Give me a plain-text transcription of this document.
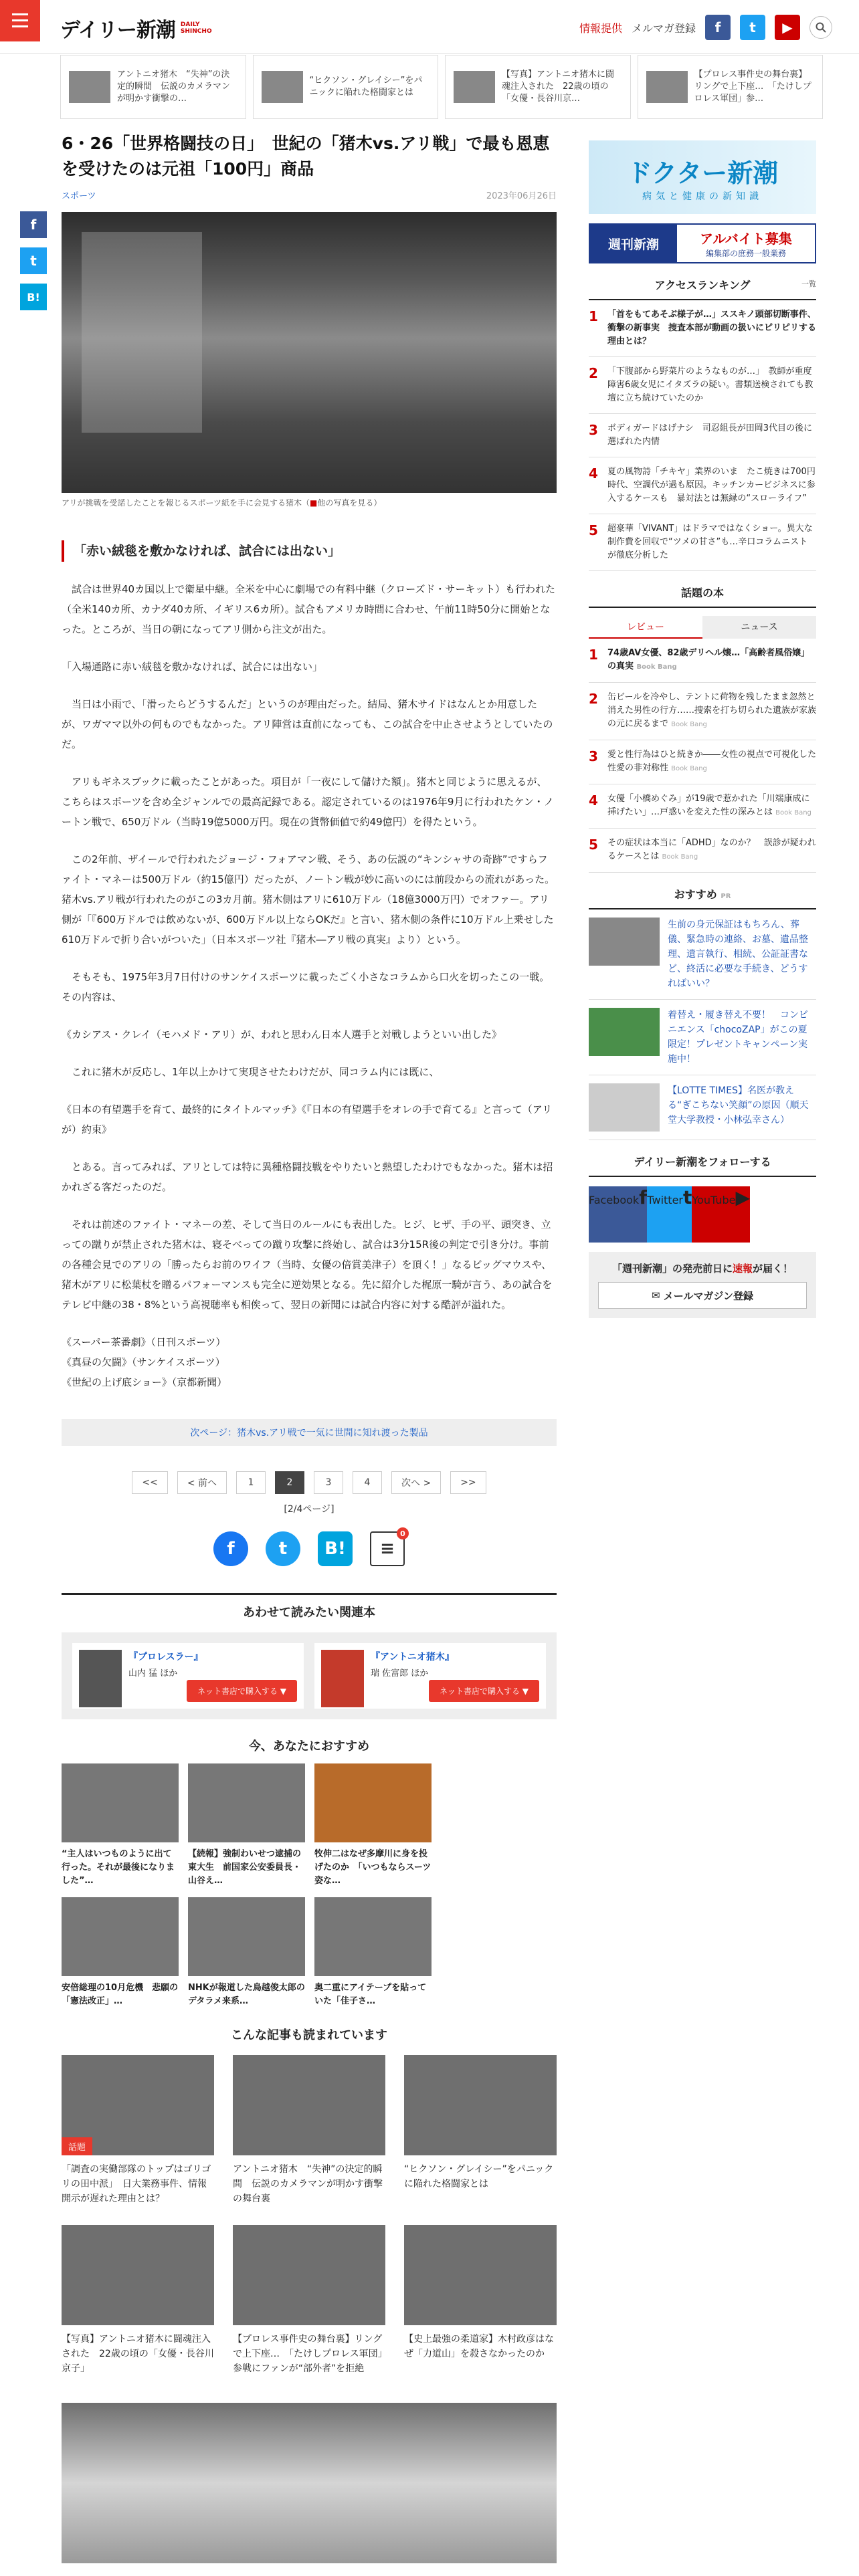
デイリー新潮 DAILY
SHINCHO	情報提供 メルマガ登録	f	t	▶
アントニオ猪木　“失神”の決定的瞬間　伝説のカメラマンが明かす衝撃の…
“ヒクソン・グレイシー”をパニックに陥れた格闘家とは
【写真】アントニオ猪木に闘魂注入された　22歳の頃の「女優・長谷川京…
【プロレス事件史の舞台裏】リングで上下座…　「たけしプロレス軍団」参…
f
t
B!
6・26「世界格闘技の日」　世紀の「猪木vs.アリ戦」で最も恩恵を受けたのは元祖「100円」商品
スポーツ	2023年06月26日
アリが挑戦を受諾したことを報じるスポーツ紙を手に会見する猪木（■他の写真を見る）
「赤い絨毯を敷かなければ、試合には出ない」

　試合は世界40カ国以上で衛星中継。全米を中心に劇場での有料中継（クローズド・サーキット）も行われた（全米140カ所、カナダ40カ所、イギリス6カ所）。試合もアメリカ時間に合わせ、午前11時50分に開始となった。ところが、当日の朝になってアリ側から注文が出た。

「入場通路に赤い絨毯を敷かなければ、試合には出ない」

　当日は小雨で、「滑ったらどうするんだ」というのが理由だった。結局、猪木サイドはなんとか用意したが、ワガママ以外の何ものでもなかった。アリ陣営は直前になっても、この試合を中止させようとしていたのだ。

　アリもギネスブックに載ったことがあった。項目が「一夜にして儲けた額」。猪木と同じように思えるが、こちらはスポーツを含め全ジャンルでの最高記録である。認定されているのは1976年9月に行われたケン・ノートン戦で、650万ドル（当時19億5000万円。現在の貨幣価値で約49億円）を得たという。

　この2年前、ザイールで行われたジョージ・フォアマン戦、そう、あの伝説の“キンシャサの奇跡”ですらファイト・マネーは500万ドル（約15億円）だったが、ノートン戦が妙に高いのには前段からの流れがあった。猪木vs.アリ戦が行われたのがこの3カ月前。猪木側はアリに610万ドル（18億3000万円）でオファー。アリ側が「『600万ドルでは飲めないが、600万ドル以上ならOKだ』と言い、猪木側の条件に10万ドル上乗せした610万ドルで折り合いがついた」（日本スポーツ社『猪木―アリ戦の真実』より）という。

　そもそも、1975年3月7日付けのサンケイスポーツに載ったごく小さなコラムから口火を切ったこの一戦。その内容は、

《カシアス・クレイ（モハメド・アリ）が、われと思わん日本人選手と対戦しようといい出した》

　これに猪木が反応し、1年以上かけて実現させたわけだが、同コラム内には既に、

《日本の有望選手を育て、最終的にタイトルマッチ》《『日本の有望選手をオレの手で育てる』と言って（アリが）約束》

　とある。言ってみれば、アリとしては特に異種格闘技戦をやりたいと熱望したわけでもなかった。猪木は招かれざる客だったのだ。

　それは前述のファイト・マネーの差、そして当日のルールにも表出した。ヒジ、ヒザ、手の平、頭突き、立っての蹴りが禁止された猪木は、寝そべっての蹴り攻撃に終始し、試合は3分15R後の判定で引き分け。事前の各種会見でのアリの「勝ったらお前のワイフ（当時、女優の倍賞美津子）を頂く！」なるビッグマウスや、猪木がアリに松葉杖を贈るパフォーマンスも完全に逆効果となる。先に紹介した梶原一騎が言う、あの試合をテレビ中継の38・8%という高視聴率も相俟って、翌日の新聞には試合内容に対する酷評が溢れた。

《スーパー茶番劇》（日刊スポーツ）
《真昼の欠闘》（サンケイスポーツ）
《世紀の上げ底ショー》（京都新聞）

次ページ：猪木vs.アリ戦で一気に世間に知れ渡った製品
<<	< 前へ	1	2	3	4	次へ >	>>
[2/4ページ]
f	t	B!	≡
0
あわせて読みたい関連本
『プロレスラー』
山内 猛 ほか
ネット書店で購入する ▼
『アントニオ猪木』
瑞 佐富郎 ほか
ネット書店で購入する ▼
今、あなたにおすすめ
“主人はいつものように出て行った。それが最後になりました”…
【続報】強制わいせつ逮捕の東大生　前国家公安委員長・山谷え…
牧伸二はなぜ多摩川に身を投げたのか　「いつもならスーツ姿な…
安倍総理の10月危機　悲願の「憲法改正」…
NHKが報道した鳥越俊太郎のデタラメ来系…
奥二重にアイテープを貼っていた「佳子さ…
こんな記事も読まれています
話題
「調査の実働部隊のトップはゴリゴリの田中派」　日大業務事件、情報開示が遅れた理由とは？
アントニオ猪木　“失神”の決定的瞬間　伝説のカメラマンが明かす衝撃の舞台裏
“ヒクソン・グレイシー”をパニックに陥れた格闘家とは
【写真】アントニオ猪木に闘魂注入された　22歳の頃の「女優・長谷川京子」
【プロレス事件史の舞台裏】リングで上下座…　「たけしプロレス軍団」参戦にファンが“部外者”を拒絶
【史上最強の柔道家】木村政彦はなぜ「力道山」を殺さなかったのか
ドクター新潮
病気と健康の新知識
週刊新潮	アルバイト募集
編集部の庶務一般業務
アクセスランキング	一覧
1 「首をもてあそぶ様子が…」ススキノ頭部切断事件、衝撃の新事実　捜査本部が動画の扱いにピリピリする理由とは？
2 「下腹部から野菜片のようなものが…」　教師が重度障害6歳女児にイタズラの疑い。書類送検されても教壇に立ち続けていたのか
3 ボディガードはげナシ　司忍組長が田岡3代目の後に選ばれた内情
4 夏の風物詩「チキヤ」業界のいま　たこ焼きは700円時代、空調代が過も原因。キッチンカービジネスに参入するケースも　暴対法とは無縁の“スローライフ”
5 超豪華「VIVANT」はドラマではなくショー。異大な制作費を回収で“ツメの甘さ”も…辛口コラムニストが徹底分析した
話題の本
レビュー	ニュース
1 74歳AV女優、82歳デリヘル嬢…「高齢者風俗嬢」の真実 Book Bang
2 缶ビールを冷やし、テントに荷物を残したまま忽然と消えた男性の行方……捜索を打ち切られた遺族が家族の元に戻るまで Book Bang
3 愛と性行為はひと続きか――女性の視点で可視化した性愛の非対称性 Book Bang
4 女優「小橋めぐみ」が19歳で惹かれた「川端康成に挿げたい」…戸惑いを変えた性の深みとは Book Bang
5 その症状は本当に「ADHD」なのか？　誤診が疑われるケースとは Book Bang
おすすめ PR
生前の身元保証はもちろん、葬儀、緊急時の連絡、お墓、遺品整理、遺言執行、相続、公証証書など、終活に必要な手続き、どうすればいい？
着替え・履き替え不要！　コンビニエンス「chocoZAP」がこの夏限定！プレゼントキャンペーン実施中！
【LOTTE TIMES】名医が教える“ぎこちない笑顔”の原因（順天堂大学教授・小林弘幸さん）
デイリー新潮をフォローする
Facebookf Twittert YouTube▶
「週刊新潮」の発売前日に速報が届く！
✉ メールマガジン登録
